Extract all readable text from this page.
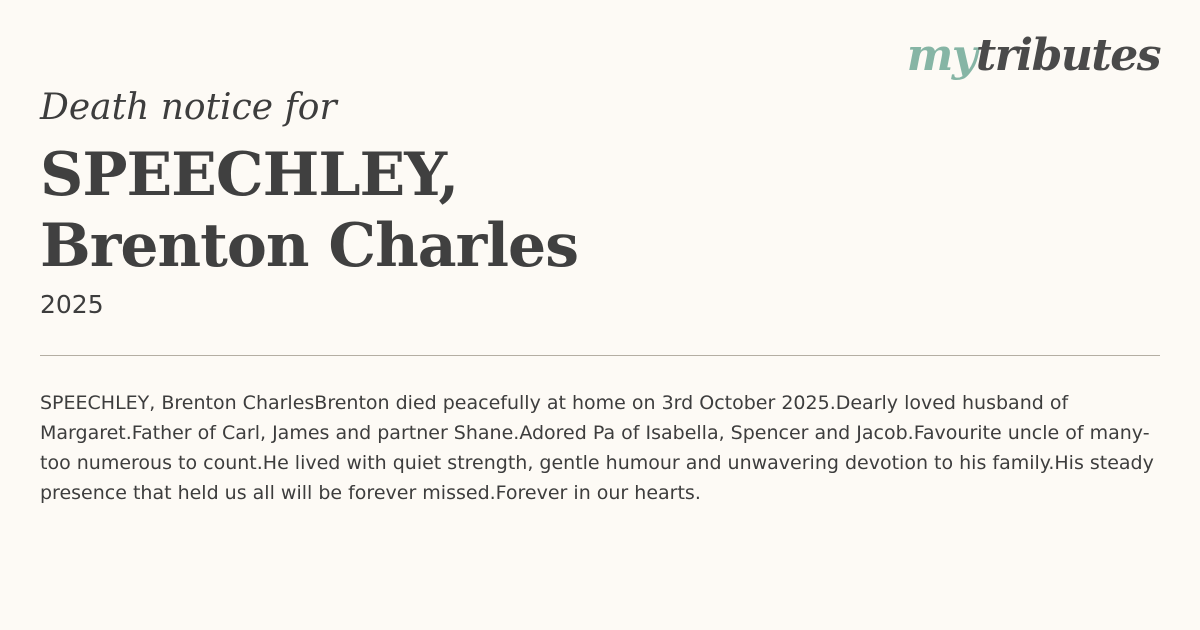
mytributes
Death notice for
SPEECHLEY,
Brenton Charles
2025

SPEECHLEY, Brenton CharlesBrenton died peacefully at home on 3rd October 2025.Dearly loved husband of Margaret.Father of Carl, James and partner Shane.Adored Pa of Isabella, Spencer and Jacob.Favourite uncle of many-too numerous to count.He lived with quiet strength, gentle humour and unwavering devotion to his family.His steady presence that held us all will be forever missed.Forever in our hearts.
